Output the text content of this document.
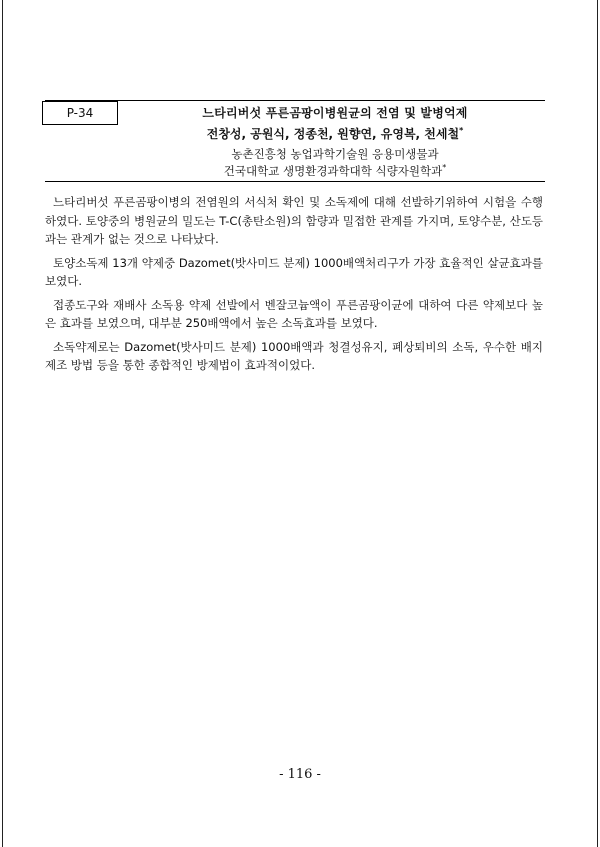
P-34	느타리버섯 푸른곰팡이병원균의 전염 및 발병억제
전창성, 공원식, 정종천, 원향연, 유영복, 천세철*
농촌진흥청 농업과학기술원 응용미생물과
건국대학교 생명환경과학대학 식량자원학과*

느타리버섯 푸른곰팡이병의 전염원의 서식처 확인 및 소독제에 대해 선발하기위하여 시험을 수행하였다. 토양중의 병원균의 밀도는 T-C(총탄소원)의 함량과 밀접한 관계를 가지며, 토양수분, 산도등과는 관계가 없는 것으로 나타났다.

토양소독제 13개 약제중 Dazomet(밧사미드 분제) 1000배액처리구가 가장 효율적인 살균효과를 보였다.

접종도구와 재배사 소독용 약제 선발에서 벤잘코늄액이 푸른곰팡이균에 대하여 다른 약제보다 높은 효과를 보였으며, 대부분 250배액에서 높은 소독효과를 보였다.

소독약제로는 Dazomet(밧사미드 분제) 1000배액과 청결성유지, 폐상퇴비의 소독, 우수한 배지제조 방법 등을 통한 종합적인 방제법이 효과적이었다.

- 116 -
